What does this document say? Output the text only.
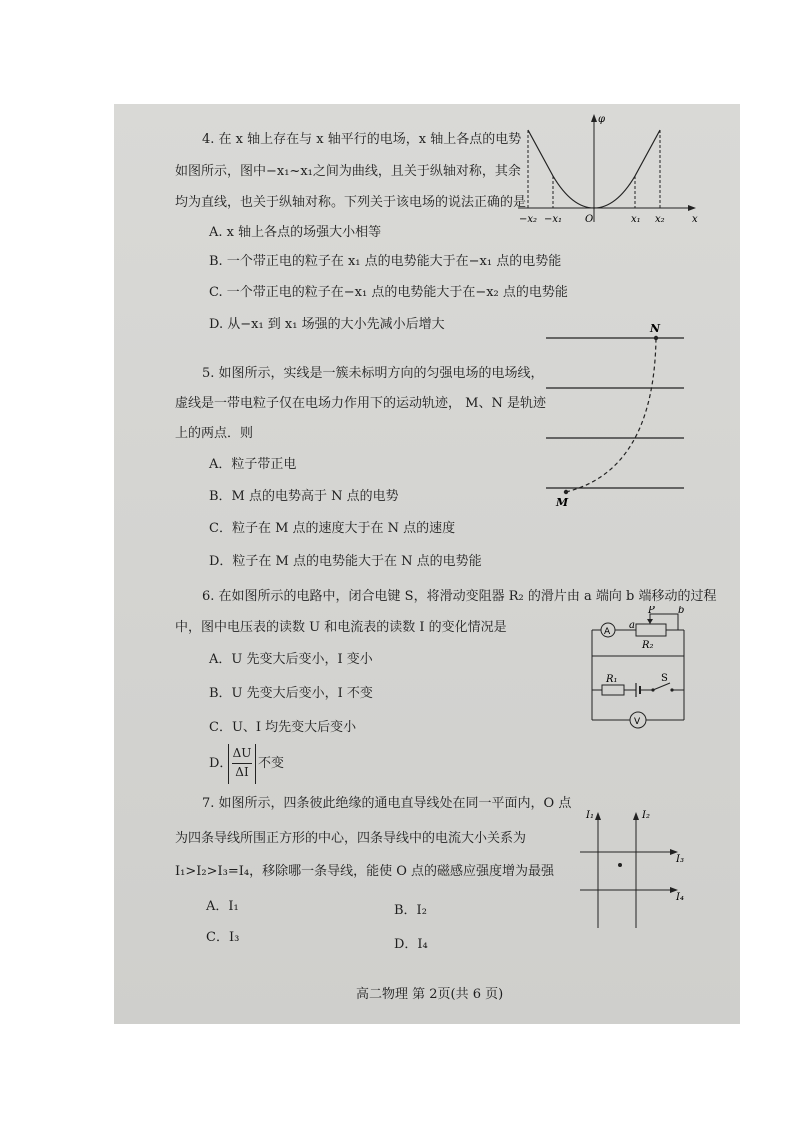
4. 在 x 轴上存在与 x 轴平行的电场，x 轴上各点的电势
如图所示，图中−x₁~x₁之间为曲线，且关于纵轴对称，其余
均为直线，也关于纵轴对称。下列关于该电场的说法正确的是
A. x 轴上各点的场强大小相等
B. 一个带正电的粒子在 x₁ 点的电势能大于在−x₁ 点的电势能
C. 一个带正电的粒子在−x₁ 点的电势能大于在−x₂ 点的电势能
D. 从−x₁ 到 x₁ 场强的大小先减小后增大
φ
x
−x₂ −x₁ O	x₁ x₂
5. 如图所示，实线是一簇未标明方向的匀强电场的电场线，
虚线是一带电粒子仅在电场力作用下的运动轨迹， M、N 是轨迹
上的两点．则
A．粒子带正电
B．M 点的电势高于 N 点的电势
C．粒子在 M 点的速度大于在 N 点的速度
D．粒子在 M 点的电势能大于在 N 点的电势能
N
M
6. 在如图所示的电路中，闭合电键 S，将滑动变阻器 R₂ 的滑片由 a 端向 b 端移动的过程
中，图中电压表的读数 U 和电流表的读数 I 的变化情况是
A．U 先变大后变小，I 变小
B．U 先变大后变小，I 不变
C．U、I 均先变大后变小
D．
ΔU
ΔI
不变
A
a
P b
R₂
R₁	S
V
7. 如图所示，四条彼此绝缘的通电直导线处在同一平面内，O 点
为四条导线所围正方形的中心，四条导线中的电流大小关系为
I₁>I₂>I₃=I₄，移除哪一条导线，能使 O 点的磁感应强度增为最强
A．I₁	B．I₂
C．I₃	D．I₄
I₁	I₂
I₃
I₄
高二物理 第 2页(共 6 页)
